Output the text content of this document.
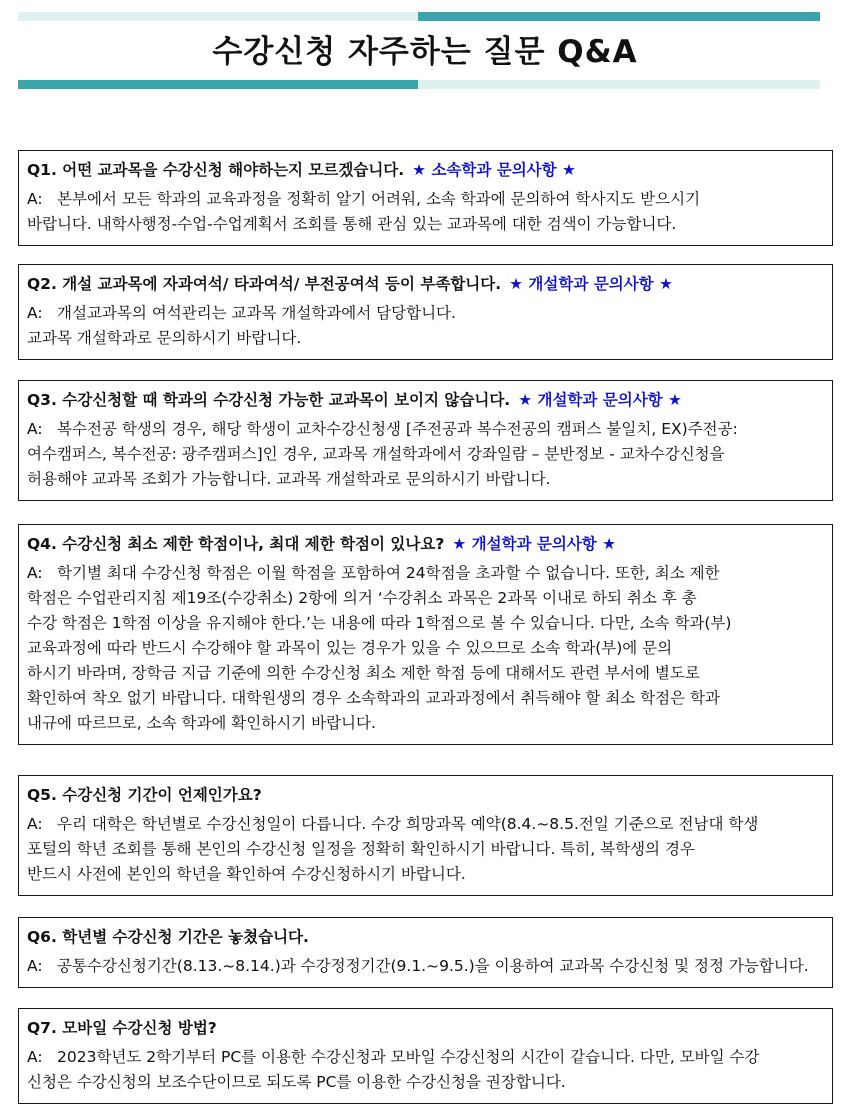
수강신청 자주하는 질문 Q&A
Q1. 어떤 교과목을 수강신청 해야하는지 모르겠습니다. ★ 소속학과 문의사항 ★

A: 본부에서 모든 학과의 교육과정을 정확히 알기 어려워, 소속 학과에 문의하여 학사지도 받으시기
바랍니다. 내학사행정-수업-수업계획서 조회를 통해 관심 있는 교과목에 대한 검색이 가능합니다.

Q2. 개설 교과목에 자과여석/ 타과여석/ 부전공여석 등이 부족합니다. ★ 개설학과 문의사항 ★

A: 개설교과목의 여석관리는 교과목 개설학과에서 담당합니다.
교과목 개설학과로 문의하시기 바랍니다.

Q3. 수강신청할 때 학과의 수강신청 가능한 교과목이 보이지 않습니다. ★ 개설학과 문의사항 ★

A: 복수전공 학생의 경우, 해당 학생이 교차수강신청생 [주전공과 복수전공의 캠퍼스 불일치, EX)주전공:
여수캠퍼스, 복수전공: 광주캠퍼스]인 경우, 교과목 개설학과에서 강좌일람 – 분반정보 - 교차수강신청을
허용해야 교과목 조회가 가능합니다. 교과목 개설학과로 문의하시기 바랍니다.

Q4. 수강신청 최소 제한 학점이나, 최대 제한 학점이 있나요? ★ 개설학과 문의사항 ★

A: 학기별 최대 수강신청 학점은 이월 학점을 포함하여 24학점을 초과할 수 없습니다. 또한, 최소 제한
학점은 수업관리지침 제19조(수강취소) 2항에 의거 ‘수강취소 과목은 2과목 이내로 하되 취소 후 총
수강 학점은 1학점 이상을 유지해야 한다.’는 내용에 따라 1학점으로 볼 수 있습니다. 다만, 소속 학과(부)
교육과정에 따라 반드시 수강해야 할 과목이 있는 경우가 있을 수 있으므로 소속 학과(부)에 문의
하시기 바라며, 장학금 지급 기준에 의한 수강신청 최소 제한 학점 등에 대해서도 관련 부서에 별도로
확인하여 착오 없기 바랍니다. 대학원생의 경우 소속학과의 교과과정에서 취득해야 할 최소 학점은 학과
내규에 따르므로, 소속 학과에 확인하시기 바랍니다.

Q5. 수강신청 기간이 언제인가요?

A: 우리 대학은 학년별로 수강신청일이 다릅니다. 수강 희망과목 예약(8.4.~8.5.전일 기준으로 전남대 학생
포털의 학년 조회를 통해 본인의 수강신청 일정을 정확히 확인하시기 바랍니다. 특히, 복학생의 경우
반드시 사전에 본인의 학년을 확인하여 수강신청하시기 바랍니다.

Q6. 학년별 수강신청 기간은 놓쳤습니다.

A: 공통수강신청기간(8.13.~8.14.)과 수강정정기간(9.1.~9.5.)을 이용하여 교과목 수강신청 및 정정 가능합니다.

Q7. 모바일 수강신청 방법?

A: 2023학년도 2학기부터 PC를 이용한 수강신청과 모바일 수강신청의 시간이 같습니다. 다만, 모바일 수강
신청은 수강신청의 보조수단이므로 되도록 PC를 이용한 수강신청을 권장합니다.
